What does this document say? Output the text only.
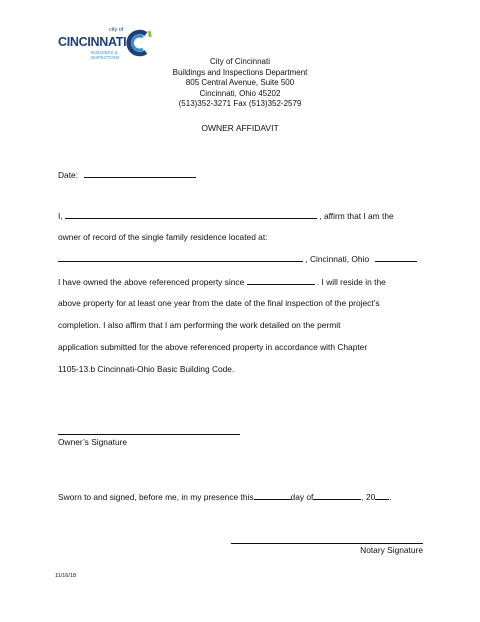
city of
CINCINNATI
BUILDINGS &
INSPECTIONS	City of Cincinnati
Buildings and Inspections Department
805 Central Avenue, Suite 500
Cincinnati, Ohio 45202
(513)352-3271 Fax (513)352-2579
OWNER AFFIDAVIT
Date:
I,	, affirm that I am the
owner of record of the single family residence located at:
, Cincinnati, Ohio
I have owned the above referenced property since	. I will reside in the
above property for at least one year from the date of the final inspection of the project’s
completion. I also affirm that I am performing the work detailed on the permit
application submitted for the above referenced property in accordance with Chapter
1105-13.b Cincinnati-Ohio Basic Building Code.
Owner’s Signature
Sworn to and signed, before me, in my presence this	day of	, 20 .
Notary Signature
11/16/18
